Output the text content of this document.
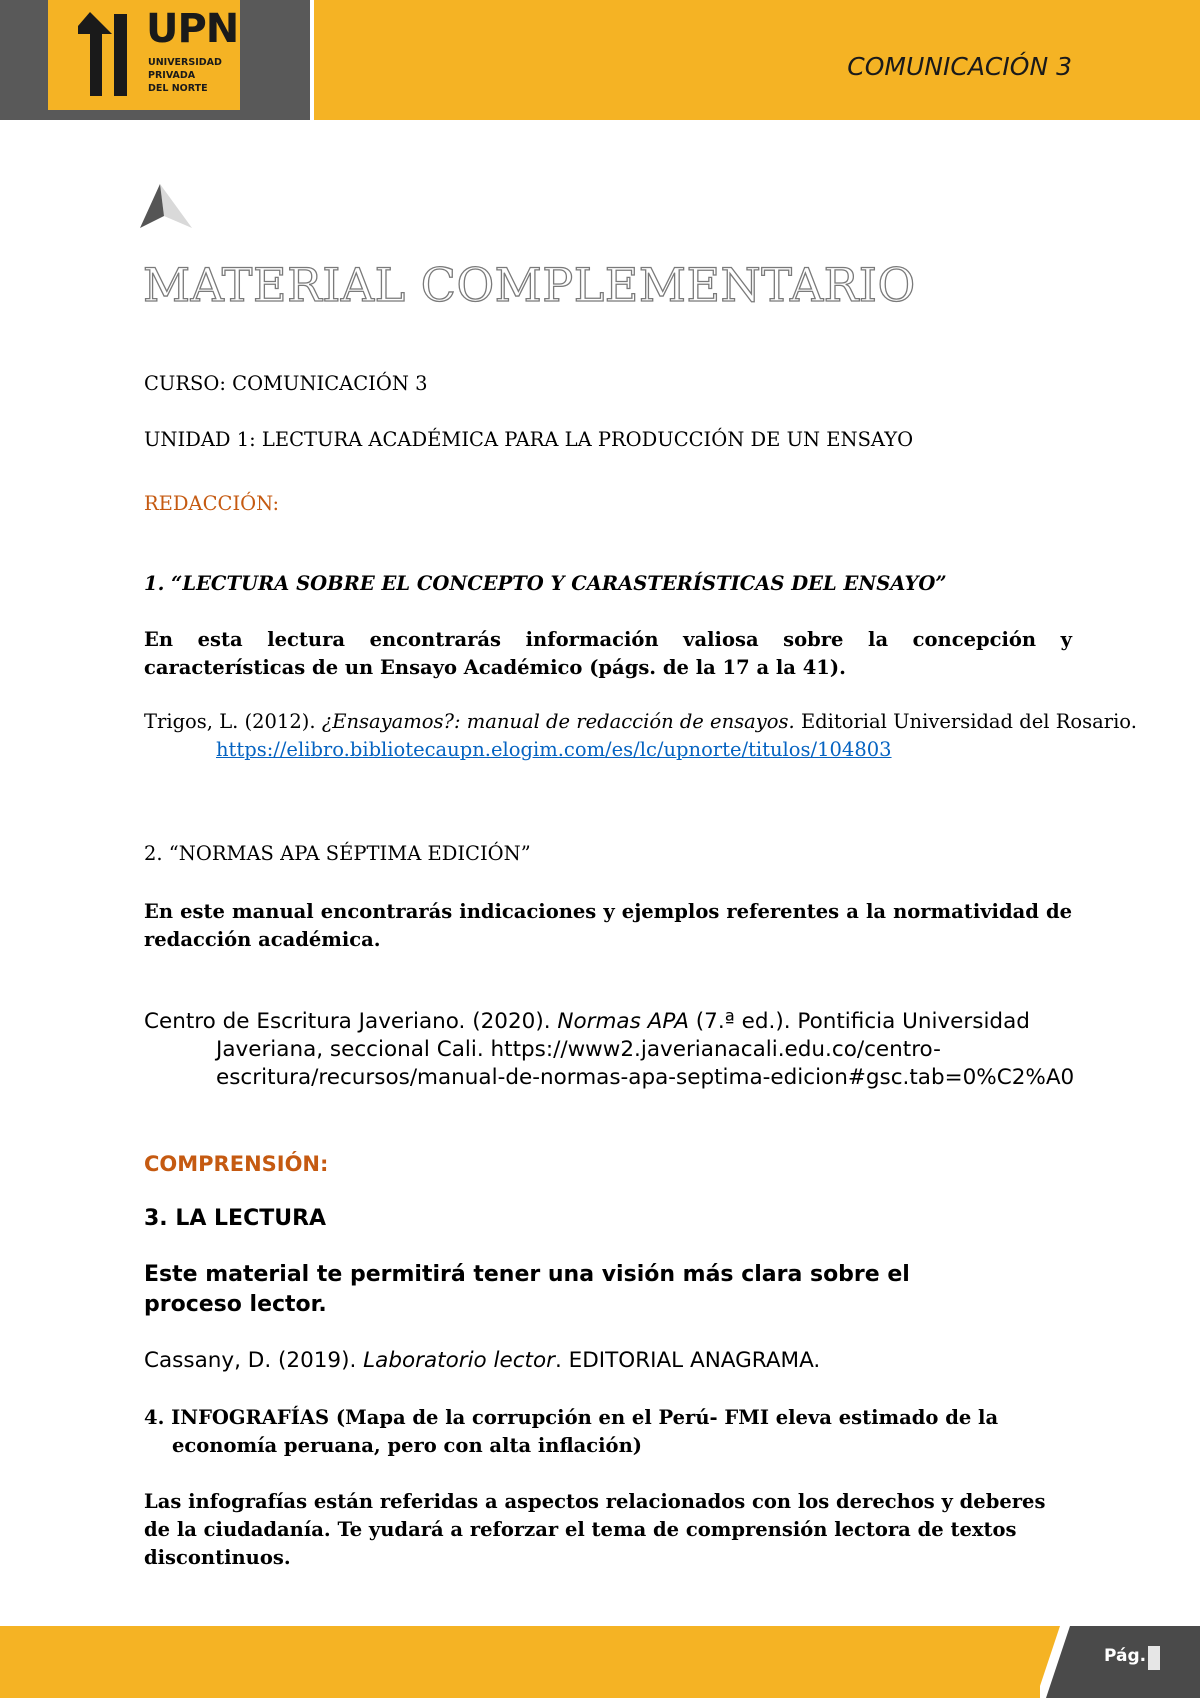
UPN
UNIVERSIDAD
PRIVADA
DEL NORTE
COMUNICACIÓN 3
MATERIAL COMPLEMENTARIO

CURSO: COMUNICACIÓN 3

UNIDAD 1: LECTURA ACADÉMICA PARA LA PRODUCCIÓN DE UN ENSAYO

REDACCIÓN:

1. “LECTURA SOBRE EL CONCEPTO Y CARASTERÍSTICAS DEL ENSAYO”

En esta lectura encontrarás información valiosa sobre la concepción y características de un Ensayo Académico (págs. de la 17 a la 41).

Trigos, L. (2012). ¿Ensayamos?: manual de redacción de ensayos. Editorial Universidad del Rosario. https://elibro.bibliotecaupn.elogim.com/es/lc/upnorte/titulos/104803

2. “NORMAS APA SÉPTIMA EDICIÓN”

En este manual encontrarás indicaciones y ejemplos referentes a la normatividad de redacción académica.

Centro de Escritura Javeriano. (2020). Normas APA (7.ª ed.). Pontificia Universidad Javeriana, seccional Cali. https://www2.javerianacali.edu.co/centro-escritura/recursos/manual-de-normas-apa-septima-edicion#gsc.tab=0%C2%A0

COMPRENSIÓN:

3. LA LECTURA

Este material te permitirá tener una visión más clara sobre el proceso lector.

Cassany, D. (2019). Laboratorio lector. EDITORIAL ANAGRAMA.

4. INFOGRAFÍAS (Mapa de la corrupción en el Perú- FMI eleva estimado de la economía peruana, pero con alta inflación)

Las infografías están referidas a aspectos relacionados con los derechos y deberes de la ciudadanía. Te yudará a reforzar el tema de comprensión lectora de textos discontinuos.

Pág.
